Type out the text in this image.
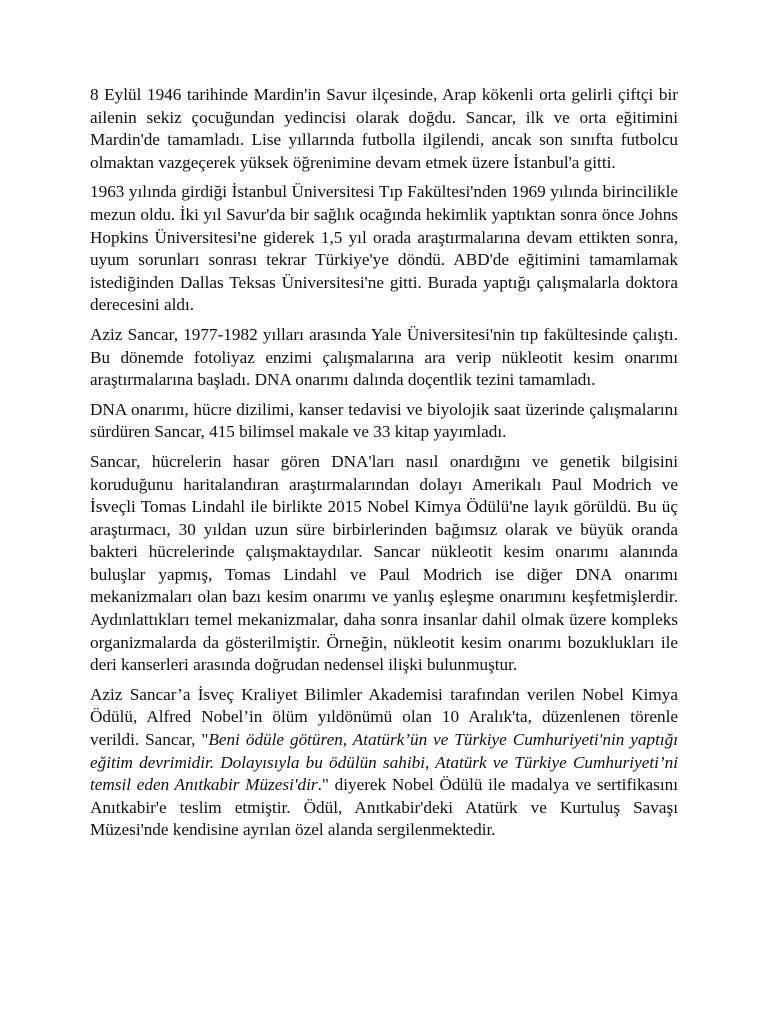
8 Eylül 1946 tarihinde Mardin'in Savur ilçesinde, Arap kökenli orta gelirli çiftçi bir ailenin sekiz çocuğundan yedincisi olarak doğdu. Sancar, ilk ve orta eğitimini Mardin'de tamamladı. Lise yıllarında futbolla ilgilendi, ancak son sınıfta futbolcu olmaktan vazgeçerek yüksek öğrenimine devam etmek üzere İstanbul'a gitti.

1963 yılında girdiği İstanbul Üniversitesi Tıp Fakültesi'nden 1969 yılında birincilikle mezun oldu. İki yıl Savur'da bir sağlık ocağında hekimlik yaptıktan sonra önce Johns Hopkins Üniversitesi'ne giderek 1,5 yıl orada araştırmalarına devam ettikten sonra, uyum sorunları sonrası tekrar Türkiye'ye döndü. ABD'de eğitimini tamamlamak istediğinden Dallas Teksas Üniversitesi'ne gitti. Burada yaptığı çalışmalarla doktora derecesini aldı.

Aziz Sancar, 1977-1982 yılları arasında Yale Üniversitesi'nin tıp fakültesinde çalıştı. Bu dönemde fotoliyaz enzimi çalışmalarına ara verip nükleotit kesim onarımı araştırmalarına başladı. DNA onarımı dalında doçentlik tezini tamamladı.

DNA onarımı, hücre dizilimi, kanser tedavisi ve biyolojik saat üzerinde çalışmalarını sürdüren Sancar, 415 bilimsel makale ve 33 kitap yayımladı.

Sancar, hücrelerin hasar gören DNA'ları nasıl onardığını ve genetik bilgisini koruduğunu haritalandıran araştırmalarından dolayı Amerikalı Paul Modrich ve İsveçli Tomas Lindahl ile birlikte 2015 Nobel Kimya Ödülü'ne layık görüldü. Bu üç araştırmacı, 30 yıldan uzun süre birbirlerinden bağımsız olarak ve büyük oranda bakteri hücrelerinde çalışmaktaydılar. Sancar nükleotit kesim onarımı alanında buluşlar yapmış, Tomas Lindahl ve Paul Modrich ise diğer DNA onarımı mekanizmaları olan bazı kesim onarımı ve yanlış eşleşme onarımını keşfetmişlerdir. Aydınlattıkları temel mekanizmalar, daha sonra insanlar dahil olmak üzere kompleks organizmalarda da gösterilmiştir. Örneğin, nükleotit kesim onarımı bozuklukları ile deri kanserleri arasında doğrudan nedensel ilişki bulunmuştur.

Aziz Sancar’a İsveç Kraliyet Bilimler Akademisi tarafından verilen Nobel Kimya Ödülü, Alfred Nobel’in ölüm yıldönümü olan 10 Aralık'ta, düzenlenen törenle verildi. Sancar, "Beni ödüle götüren, Atatürk’ün ve Türkiye Cumhuriyeti'nin yaptığı eğitim devrimidir. Dolayısıyla bu ödülün sahibi, Atatürk ve Türkiye Cumhuriyeti’ni temsil eden Anıtkabir Müzesi'dir." diyerek Nobel Ödülü ile madalya ve sertifikasını Anıtkabir'e teslim etmiştir. Ödül, Anıtkabir'deki Atatürk ve Kurtuluş Savaşı Müzesi'nde kendisine ayrılan özel alanda sergilenmektedir.
